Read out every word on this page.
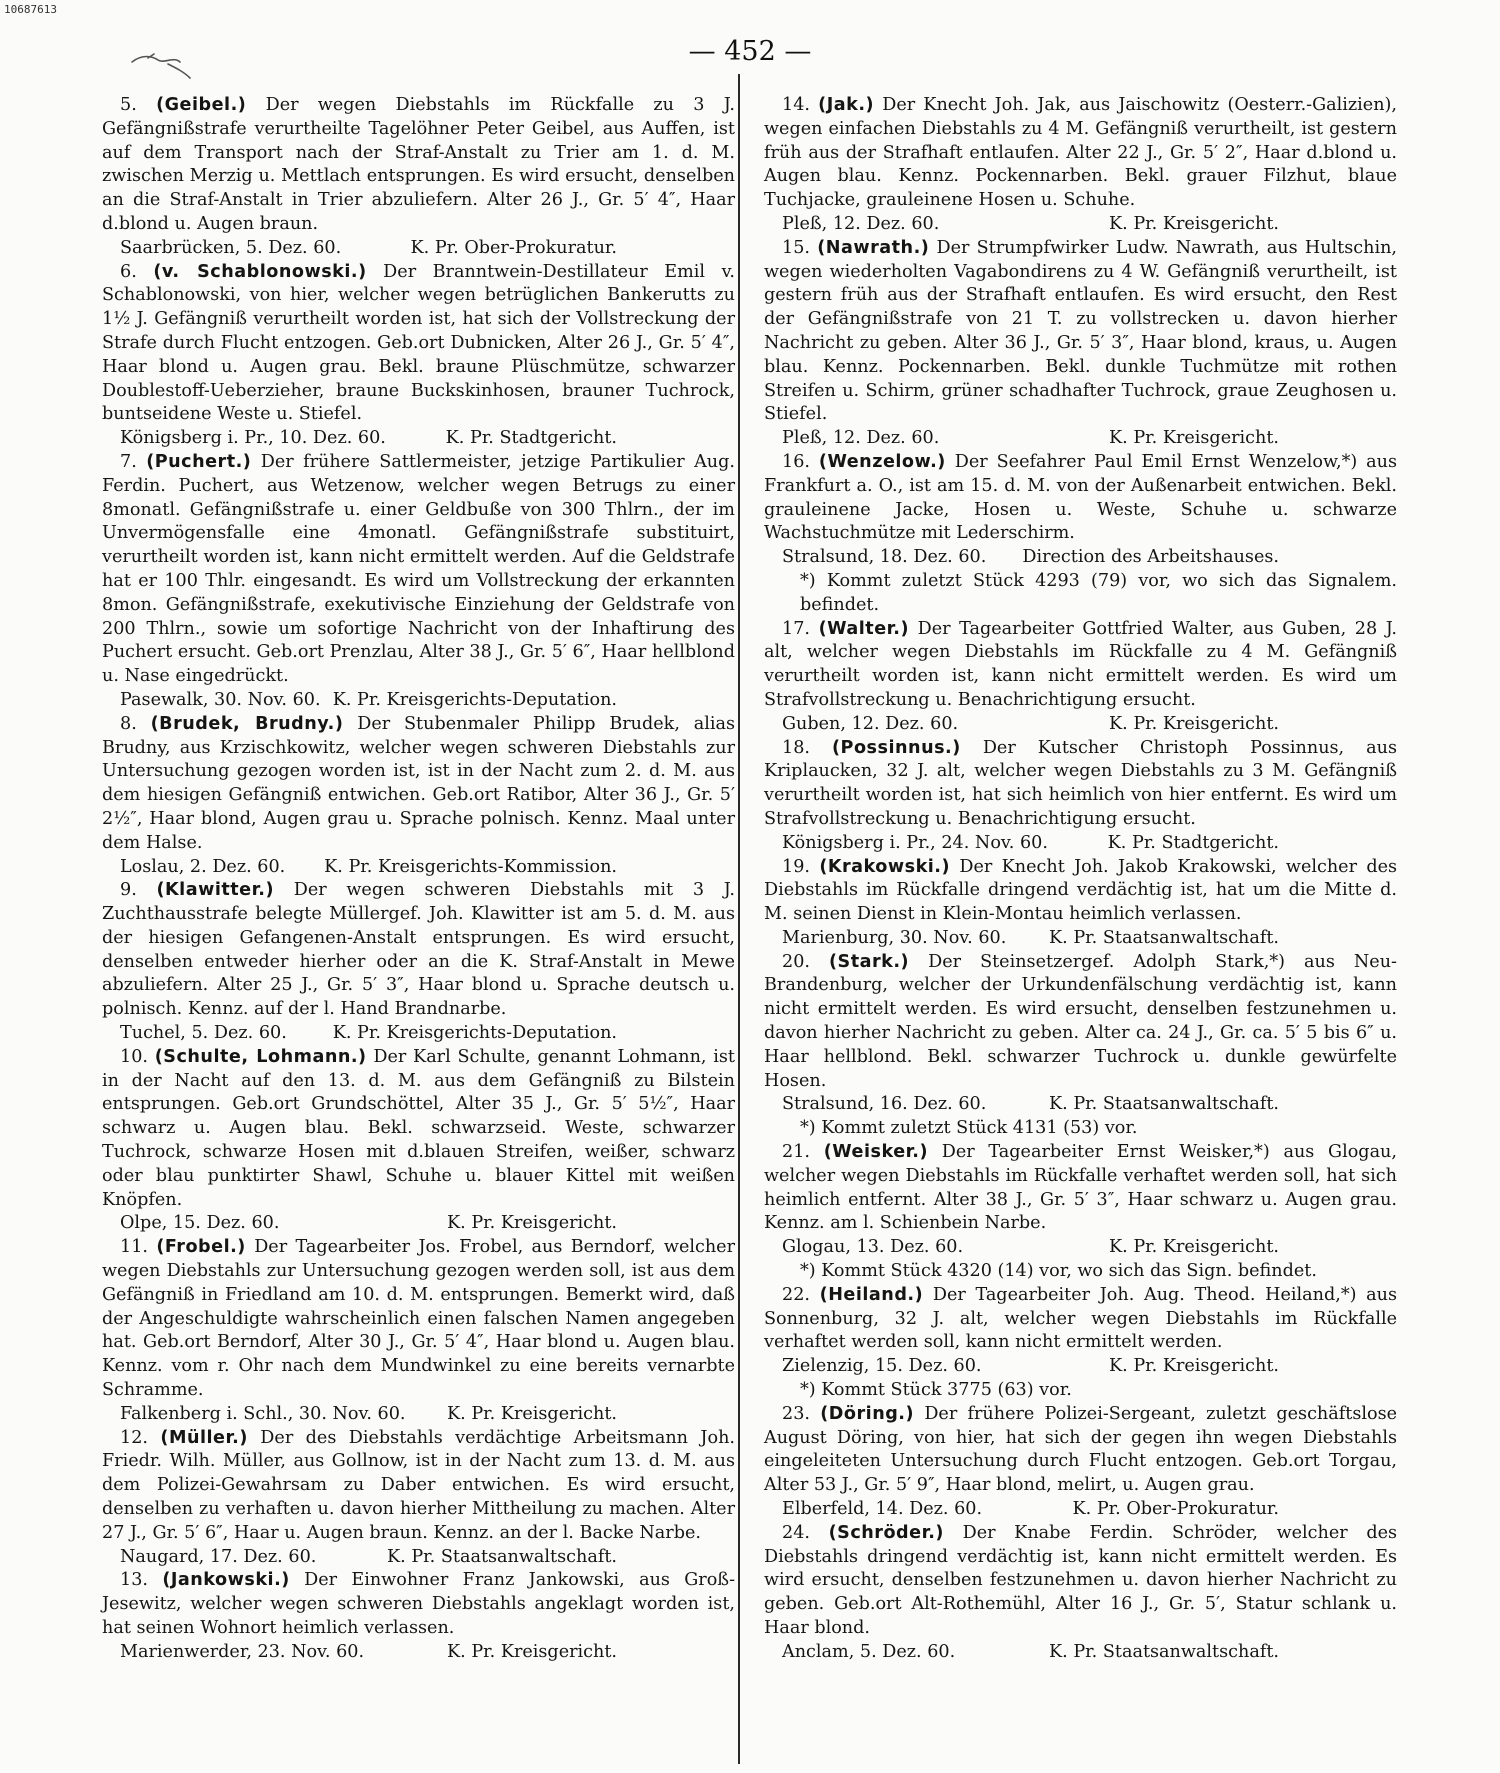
10687613
— 452 —

5. (Geibel.) Der wegen Diebstahls im Rückfalle zu 3 J. Gefängnißstrafe verurtheilte Tagelöhner Peter Geibel, aus Auffen, ist auf dem Transport nach der Straf-Anstalt zu Trier am 1. d. M. zwischen Merzig u. Mettlach entsprungen. Es wird ersucht, denselben an die Straf-Anstalt in Trier abzuliefern. Alter 26 J., Gr. 5′ 4″, Haar d.blond u. Augen braun.

Saarbrücken, 5. Dez. 60.	K. Pr. Ober-Prokuratur.

6. (v. Schablonowski.) Der Branntwein-Destillateur Emil v. Schablonowski, von hier, welcher wegen betrüglichen Bankerutts zu 1½ J. Gefängniß verurtheilt worden ist, hat sich der Vollstreckung der Strafe durch Flucht entzogen. Geb.ort Dubnicken, Alter 26 J., Gr. 5′ 4″, Haar blond u. Augen grau. Bekl. braune Plüschmütze, schwarzer Doublestoff-Ueberzieher, braune Buckskinhosen, brauner Tuchrock, buntseidene Weste u. Stiefel.

Königsberg i. Pr., 10. Dez. 60.	K. Pr. Stadtgericht.

7. (Puchert.) Der frühere Sattlermeister, jetzige Partikulier Aug. Ferdin. Puchert, aus Wetzenow, welcher wegen Betrugs zu einer 8monatl. Gefängnißstrafe u. einer Geldbuße von 300 Thlrn., der im Unvermögensfalle eine 4monatl. Gefängnißstrafe substituirt, verurtheilt worden ist, kann nicht ermittelt werden. Auf die Geldstrafe hat er 100 Thlr. eingesandt. Es wird um Vollstreckung der erkannten 8mon. Gefängnißstrafe, exekutivische Einziehung der Geldstrafe von 200 Thlrn., sowie um sofortige Nachricht von der Inhaftirung des Puchert ersucht. Geb.ort Prenzlau, Alter 38 J., Gr. 5′ 6″, Haar hellblond u. Nase eingedrückt.

Pasewalk, 30. Nov. 60. K. Pr. Kreisgerichts-Deputation.

8. (Brudek, Brudny.) Der Stubenmaler Philipp Brudek, alias Brudny, aus Krzischkowitz, welcher wegen schweren Diebstahls zur Untersuchung gezogen worden ist, ist in der Nacht zum 2. d. M. aus dem hiesigen Gefängniß entwichen. Geb.ort Ratibor, Alter 36 J., Gr. 5′ 2½″, Haar blond, Augen grau u. Sprache polnisch. Kennz. Maal unter dem Halse.

Loslau, 2. Dez. 60. K. Pr. Kreisgerichts-Kommission.

9. (Klawitter.) Der wegen schweren Diebstahls mit 3 J. Zuchthausstrafe belegte Müllergef. Joh. Klawitter ist am 5. d. M. aus der hiesigen Gefangenen-Anstalt entsprungen. Es wird ersucht, denselben entweder hierher oder an die K. Straf-Anstalt in Mewe abzuliefern. Alter 25 J., Gr. 5′ 3″, Haar blond u. Sprache deutsch u. polnisch. Kennz. auf der l. Hand Brandnarbe.

Tuchel, 5. Dez. 60.	K. Pr. Kreisgerichts-Deputation.

10. (Schulte, Lohmann.) Der Karl Schulte, genannt Lohmann, ist in der Nacht auf den 13. d. M. aus dem Gefängniß zu Bilstein entsprungen. Geb.ort Grundschöttel, Alter 35 J., Gr. 5′ 5½″, Haar schwarz u. Augen blau. Bekl. schwarzseid. Weste, schwarzer Tuchrock, schwarze Hosen mit d.blauen Streifen, weißer, schwarz oder blau punktirter Shawl, Schuhe u. blauer Kittel mit weißen Knöpfen.

Olpe, 15. Dez. 60.	K. Pr. Kreisgericht.

11. (Frobel.) Der Tagearbeiter Jos. Frobel, aus Berndorf, welcher wegen Diebstahls zur Untersuchung gezogen werden soll, ist aus dem Gefängniß in Friedland am 10. d. M. entsprungen. Bemerkt wird, daß der Angeschuldigte wahrscheinlich einen falschen Namen angegeben hat. Geb.ort Berndorf, Alter 30 J., Gr. 5′ 4″, Haar blond u. Augen blau. Kennz. vom r. Ohr nach dem Mundwinkel zu eine bereits vernarbte Schramme.

Falkenberg i. Schl., 30. Nov. 60. K. Pr. Kreisgericht.

12. (Müller.) Der des Diebstahls verdächtige Arbeitsmann Joh. Friedr. Wilh. Müller, aus Gollnow, ist in der Nacht zum 13. d. M. aus dem Polizei-Gewahrsam zu Daber entwichen. Es wird ersucht, denselben zu verhaften u. davon hierher Mittheilung zu machen. Alter 27 J., Gr. 5′ 6″, Haar u. Augen braun. Kennz. an der l. Backe Narbe.

Naugard, 17. Dez. 60.	K. Pr. Staatsanwaltschaft.

13. (Jankowski.) Der Einwohner Franz Jankowski, aus Groß-Jesewitz, welcher wegen schweren Diebstahls angeklagt worden ist, hat seinen Wohnort heimlich verlassen.

Marienwerder, 23. Nov. 60.	K. Pr. Kreisgericht.

14. (Jak.) Der Knecht Joh. Jak, aus Jaischowitz (Oesterr.-Galizien), wegen einfachen Diebstahls zu 4 M. Gefängniß verurtheilt, ist gestern früh aus der Strafhaft entlaufen. Alter 22 J., Gr. 5′ 2″, Haar d.blond u. Augen blau. Kennz. Pockennarben. Bekl. grauer Filzhut, blaue Tuchjacke, grauleinene Hosen u. Schuhe.

Pleß, 12. Dez. 60.	K. Pr. Kreisgericht.

15. (Nawrath.) Der Strumpfwirker Ludw. Nawrath, aus Hultschin, wegen wiederholten Vagabondirens zu 4 W. Gefängniß verurtheilt, ist gestern früh aus der Strafhaft entlaufen. Es wird ersucht, den Rest der Gefängnißstrafe von 21 T. zu vollstrecken u. davon hierher Nachricht zu geben. Alter 36 J., Gr. 5′ 3″, Haar blond, kraus, u. Augen blau. Kennz. Pockennarben. Bekl. dunkle Tuchmütze mit rothen Streifen u. Schirm, grüner schadhafter Tuchrock, graue Zeughosen u. Stiefel.

Pleß, 12. Dez. 60.	K. Pr. Kreisgericht.

16. (Wenzelow.) Der Seefahrer Paul Emil Ernst Wenzelow,*) aus Frankfurt a. O., ist am 15. d. M. von der Außenarbeit entwichen. Bekl. grauleinene Jacke, Hosen u. Weste, Schuhe u. schwarze Wachstuchmütze mit Lederschirm.

Stralsund, 18. Dez. 60. Direction des Arbeitshauses.

*) Kommt zuletzt Stück 4293 (79) vor, wo sich das Signalem. befindet.

17. (Walter.) Der Tagearbeiter Gottfried Walter, aus Guben, 28 J. alt, welcher wegen Diebstahls im Rückfalle zu 4 M. Gefängniß verurtheilt worden ist, kann nicht ermittelt werden. Es wird um Strafvollstreckung u. Benachrichtigung ersucht.

Guben, 12. Dez. 60.	K. Pr. Kreisgericht.

18. (Possinnus.) Der Kutscher Christoph Possinnus, aus Kriplaucken, 32 J. alt, welcher wegen Diebstahls zu 3 M. Gefängniß verurtheilt worden ist, hat sich heimlich von hier entfernt. Es wird um Strafvollstreckung u. Benachrichtigung ersucht.

Königsberg i. Pr., 24. Nov. 60.	K. Pr. Stadtgericht.

19. (Krakowski.) Der Knecht Joh. Jakob Krakowski, welcher des Diebstahls im Rückfalle dringend verdächtig ist, hat um die Mitte d. M. seinen Dienst in Klein-Montau heimlich verlassen.

Marienburg, 30. Nov. 60. K. Pr. Staatsanwaltschaft.

20. (Stark.) Der Steinsetzergef. Adolph Stark,*) aus Neu-Brandenburg, welcher der Urkundenfälschung verdächtig ist, kann nicht ermittelt werden. Es wird ersucht, denselben festzunehmen u. davon hierher Nachricht zu geben. Alter ca. 24 J., Gr. ca. 5′ 5 bis 6″ u. Haar hellblond. Bekl. schwarzer Tuchrock u. dunkle gewürfelte Hosen.

Stralsund, 16. Dez. 60.	K. Pr. Staatsanwaltschaft.

*) Kommt zuletzt Stück 4131 (53) vor.

21. (Weisker.) Der Tagearbeiter Ernst Weisker,*) aus Glogau, welcher wegen Diebstahls im Rückfalle verhaftet werden soll, hat sich heimlich entfernt. Alter 38 J., Gr. 5′ 3″, Haar schwarz u. Augen grau. Kennz. am l. Schienbein Narbe.

Glogau, 13. Dez. 60.	K. Pr. Kreisgericht.

*) Kommt Stück 4320 (14) vor, wo sich das Sign. befindet.

22. (Heiland.) Der Tagearbeiter Joh. Aug. Theod. Heiland,*) aus Sonnenburg, 32 J. alt, welcher wegen Diebstahls im Rückfalle verhaftet werden soll, kann nicht ermittelt werden.

Zielenzig, 15. Dez. 60.	K. Pr. Kreisgericht.

*) Kommt Stück 3775 (63) vor.

23. (Döring.) Der frühere Polizei-Sergeant, zuletzt geschäftslose August Döring, von hier, hat sich der gegen ihn wegen Diebstahls eingeleiteten Untersuchung durch Flucht entzogen. Geb.ort Torgau, Alter 53 J., Gr. 5′ 9″, Haar blond, melirt, u. Augen grau.

Elberfeld, 14. Dez. 60.	K. Pr. Ober-Prokuratur.

24. (Schröder.) Der Knabe Ferdin. Schröder, welcher des Diebstahls dringend verdächtig ist, kann nicht ermittelt werden. Es wird ersucht, denselben festzunehmen u. davon hierher Nachricht zu geben. Geb.ort Alt-Rothemühl, Alter 16 J., Gr. 5′, Statur schlank u. Haar blond.

Anclam, 5. Dez. 60.	K. Pr. Staatsanwaltschaft.
